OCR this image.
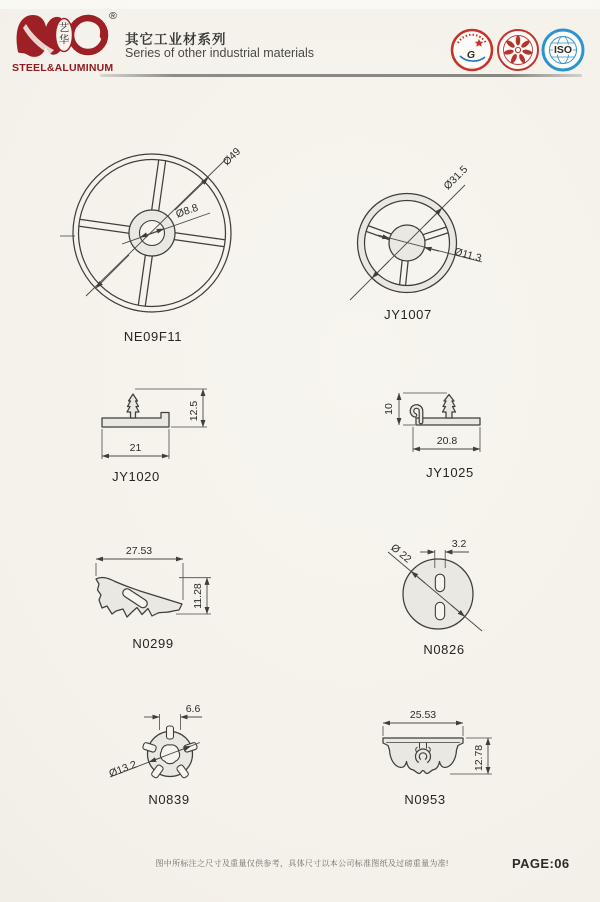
艺
华
®
STEEL&ALUMINUM
其它工业材系列
Series of other industrial materials	G	ISO
Ø49
Ø8.8
NE09F11
Ø31.5
Ø11.3
JY1007
12.5
21
JY1020
10
20.8
JY1025
27.53
11.28
N0299
3.2
Ø 22
N0826
6.6
Ø13.2
N0839
25.53
12.78
N0953
图中所标注之尺寸及重量仅供参考，具体尺寸以本公司标准图纸及过磅重量为准!	PAGE:06
